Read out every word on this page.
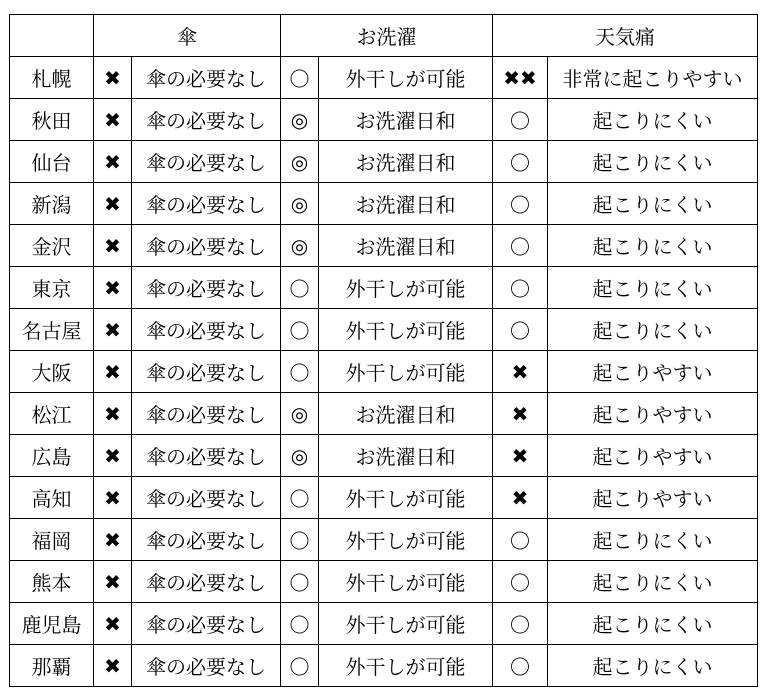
	傘		お洗濯		天気痛	
札幌	✖	傘の必要なし	〇	外干しが可能	✖✖	非常に起こりやすい
秋田	✖	傘の必要なし	◎	お洗濯日和	〇	起こりにくい
仙台	✖	傘の必要なし	◎	お洗濯日和	〇	起こりにくい
新潟	✖	傘の必要なし	◎	お洗濯日和	〇	起こりにくい
金沢	✖	傘の必要なし	◎	お洗濯日和	〇	起こりにくい
東京	✖	傘の必要なし	〇	外干しが可能	〇	起こりにくい
名古屋	✖	傘の必要なし	〇	外干しが可能	〇	起こりにくい
大阪	✖	傘の必要なし	〇	外干しが可能	✖	起こりやすい
松江	✖	傘の必要なし	◎	お洗濯日和	✖	起こりやすい
広島	✖	傘の必要なし	◎	お洗濯日和	✖	起こりやすい
高知	✖	傘の必要なし	〇	外干しが可能	✖	起こりやすい
福岡	✖	傘の必要なし	〇	外干しが可能	〇	起こりにくい
熊本	✖	傘の必要なし	〇	外干しが可能	〇	起こりにくい
鹿児島	✖	傘の必要なし	〇	外干しが可能	〇	起こりにくい
那覇	✖	傘の必要なし	〇	外干しが可能	〇	起こりにくい
